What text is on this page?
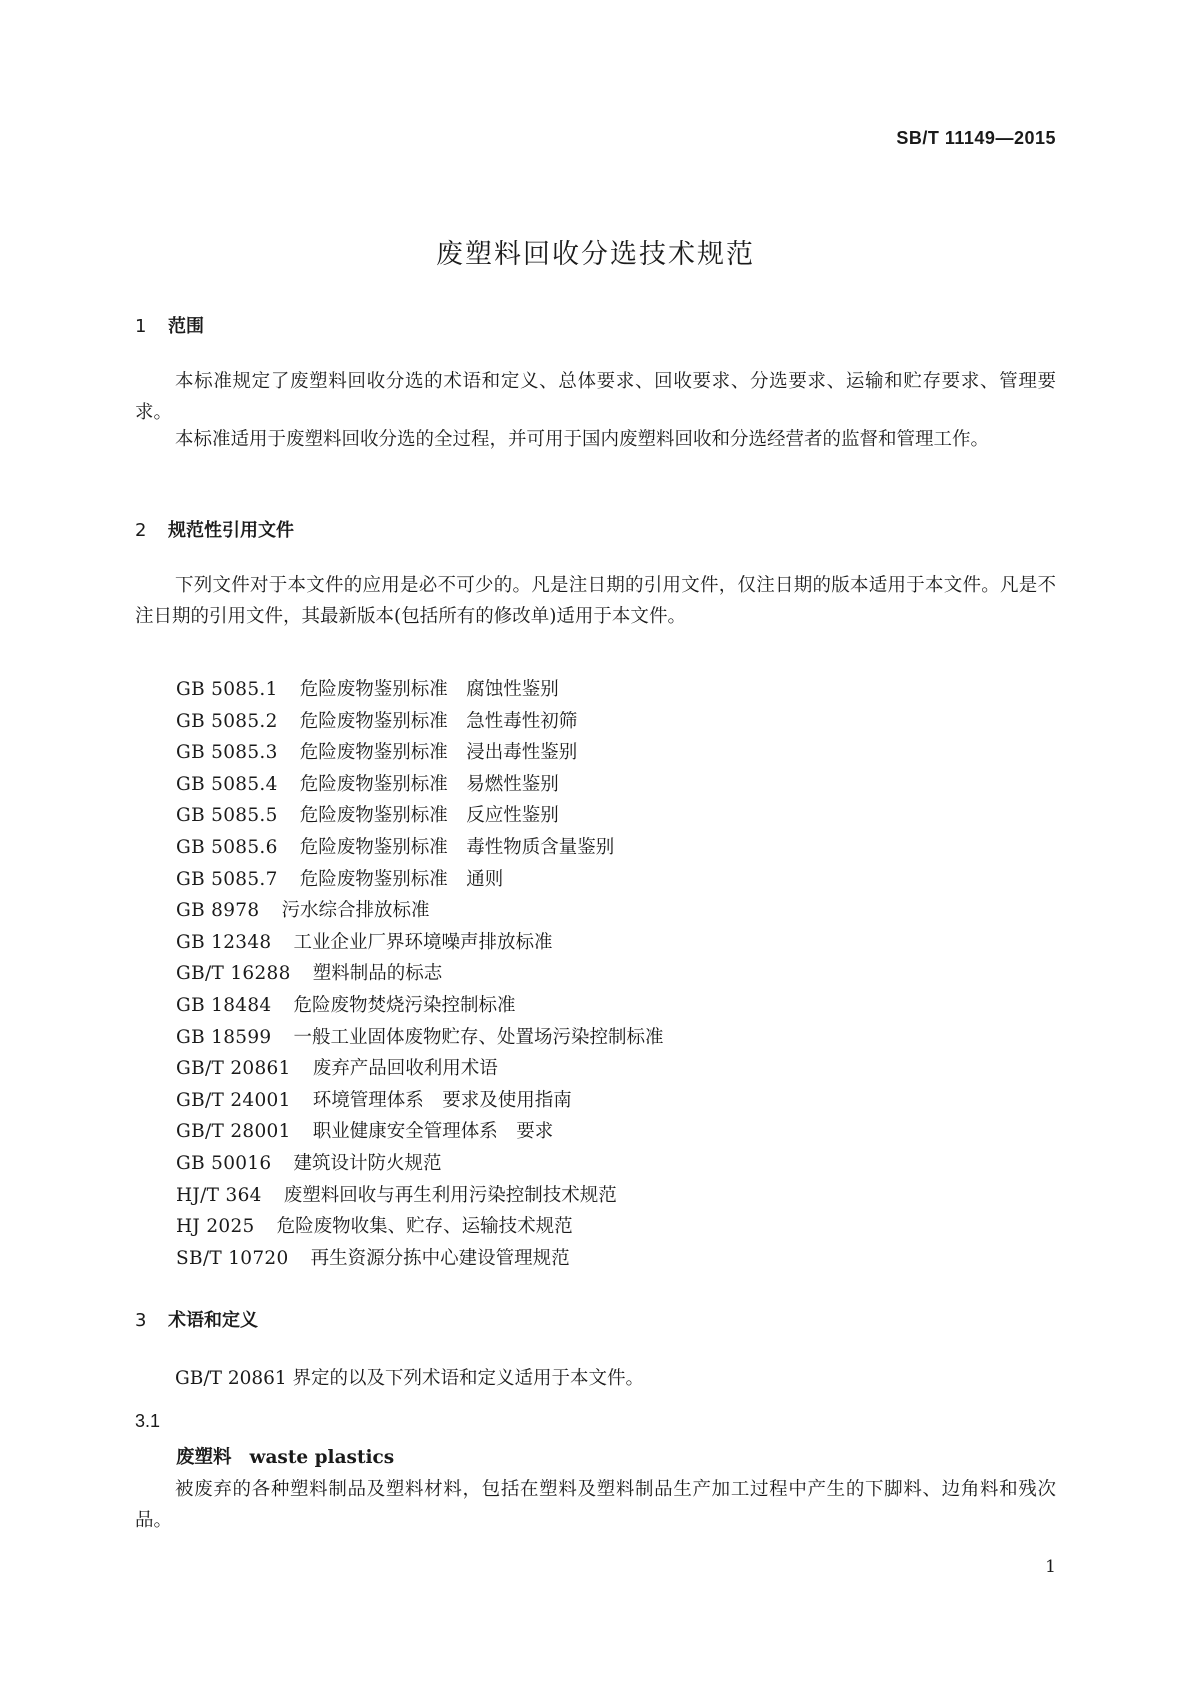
SB/T 11149—2015
废塑料回收分选技术规范
1 范围

本标准规定了废塑料回收分选的术语和定义、总体要求、回收要求、分选要求、运输和贮存要求、管理要求。

本标准适用于废塑料回收分选的全过程，并可用于国内废塑料回收和分选经营者的监督和管理工作。

2 规范性引用文件

下列文件对于本文件的应用是必不可少的。凡是注日期的引用文件，仅注日期的版本适用于本文件。凡是不注日期的引用文件，其最新版本(包括所有的修改单)适用于本文件。

GB 5085.1 危险废物鉴别标准　腐蚀性鉴别
GB 5085.2 危险废物鉴别标准　急性毒性初筛
GB 5085.3 危险废物鉴别标准　浸出毒性鉴别
GB 5085.4 危险废物鉴别标准　易燃性鉴别
GB 5085.5 危险废物鉴别标准　反应性鉴别
GB 5085.6 危险废物鉴别标准　毒性物质含量鉴别
GB 5085.7 危险废物鉴别标准　通则
GB 8978 污水综合排放标准
GB 12348 工业企业厂界环境噪声排放标准
GB/T 16288 塑料制品的标志
GB 18484 危险废物焚烧污染控制标准
GB 18599 一般工业固体废物贮存、处置场污染控制标准
GB/T 20861 废弃产品回收利用术语
GB/T 24001 环境管理体系　要求及使用指南
GB/T 28001 职业健康安全管理体系　要求
GB 50016 建筑设计防火规范
HJ/T 364 废塑料回收与再生利用污染控制技术规范
HJ 2025 危险废物收集、贮存、运输技术规范
SB/T 10720 再生资源分拣中心建设管理规范
3 术语和定义

GB/T 20861 界定的以及下列术语和定义适用于本文件。

3.1
废塑料 waste plastics

被废弃的各种塑料制品及塑料材料，包括在塑料及塑料制品生产加工过程中产生的下脚料、边角料和残次品。

1
